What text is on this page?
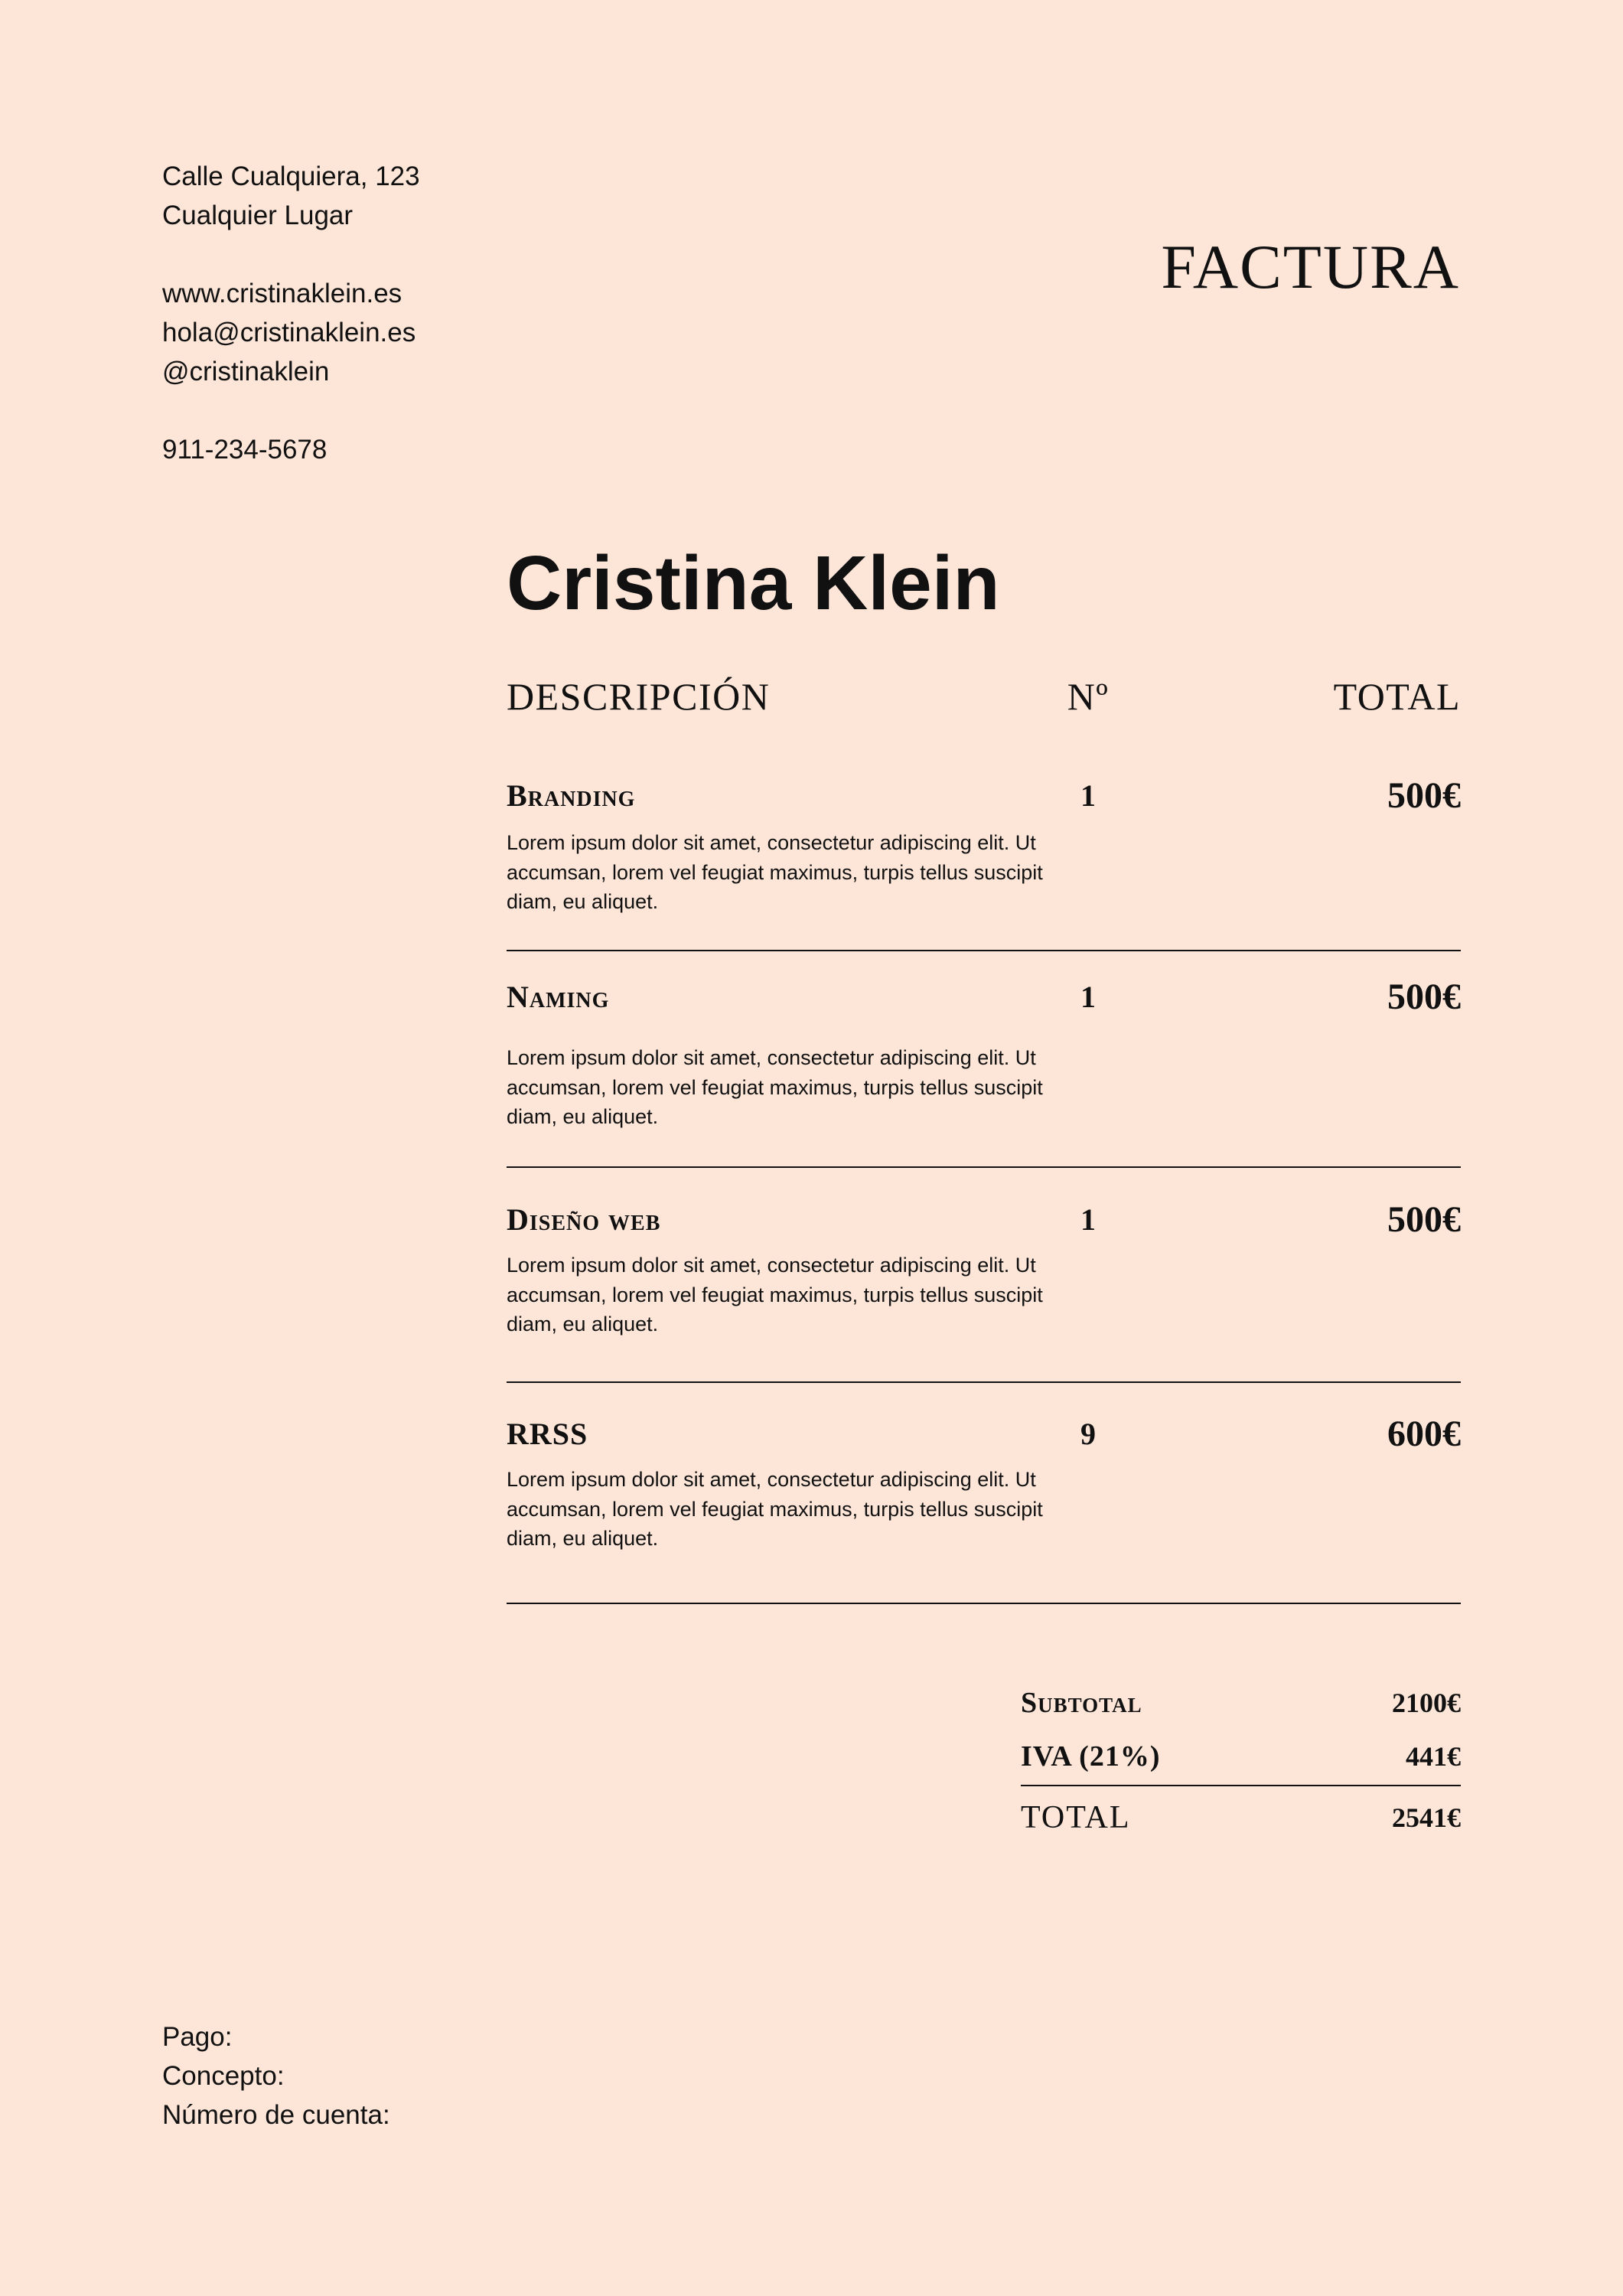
Calle Cualquiera, 123
Cualquier Lugar
www.cristinaklein.es
hola@cristinaklein.es
@cristinaklein
911-234-5678
FACTURA
Cristina Klein
DESCRIPCIÓN	Nº	TOTAL
Branding	1	500€
Lorem ipsum dolor sit amet, consectetur adipiscing elit. Ut accumsan, lorem vel feugiat maximus, turpis tellus suscipit diam, eu aliquet.
Naming	1	500€
Lorem ipsum dolor sit amet, consectetur adipiscing elit. Ut accumsan, lorem vel feugiat maximus, turpis tellus suscipit diam, eu aliquet.
Diseño web	1	500€
Lorem ipsum dolor sit amet, consectetur adipiscing elit. Ut accumsan, lorem vel feugiat maximus, turpis tellus suscipit diam, eu aliquet.
RRSS	9	600€
Lorem ipsum dolor sit amet, consectetur adipiscing elit. Ut accumsan, lorem vel feugiat maximus, turpis tellus suscipit diam, eu aliquet.
Subtotal	2100€
IVA (21%)	441€
TOTAL	2541€
Pago:
Concepto:
Número de cuenta:
